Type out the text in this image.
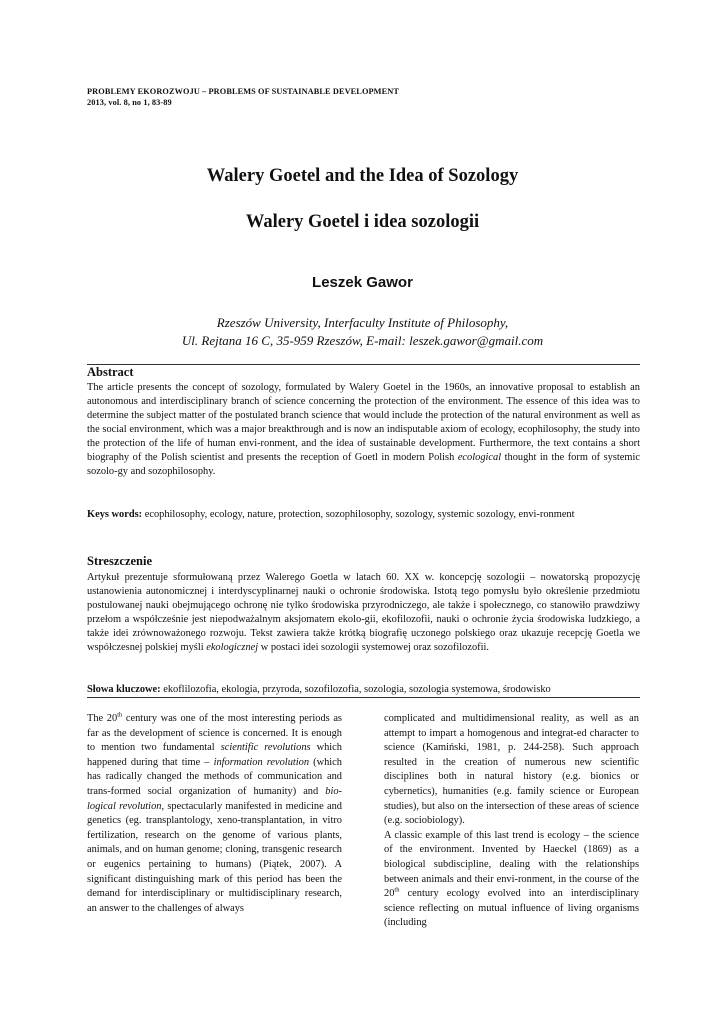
PROBLEMY EKOROZWOJU – PROBLEMS OF SUSTAINABLE DEVELOPMENT
2013, vol. 8, no 1, 83-89
Walery Goetel and the Idea of Sozology
Walery Goetel i idea sozologii
Leszek Gawor
Rzeszów University, Interfaculty Institute of Philosophy,
Ul. Rejtana 16 C, 35-959 Rzeszów, E-mail: leszek.gawor@gmail.com
Abstract

The article presents the concept of sozology, formulated by Walery Goetel in the 1960s, an innovative proposal to establish an autonomous and interdisciplinary branch of science concerning the protection of the environment. The essence of this idea was to determine the subject matter of the postulated branch science that would include the protection of the natural environment as well as the social environment, which was a major breakthrough and is now an indisputable axiom of ecology, ecophilosophy, the study into the protection of the life of human envi-ronment, and the idea of sustainable development. Furthermore, the text contains a short biography of the Polish scientist and presents the reception of Goetl in modern Polish ecological thought in the form of systemic sozolo-gy and sozophilosophy.

Keys words: ecophilosophy, ecology, nature, protection, sozophilosophy, sozology, systemic sozology, envi-ronment

Streszczenie

Artykuł prezentuje sformułowaną przez Walerego Goetla w latach 60. XX w. koncepcję sozologii – nowatorską propozycję ustanowienia autonomicznej i interdyscyplinarnej nauki o ochronie środowiska. Istotą tego pomysłu było określenie przedmiotu postulowanej nauki obejmującego ochronę nie tylko środowiska przyrodniczego, ale także i społecznego, co stanowiło prawdziwy przełom a współcześnie jest niepodważalnym aksjomatem ekolo-gii, ekofilozofii, nauki o ochronie życia środowiska ludzkiego, a także idei zrównoważonego rozwoju. Tekst zawiera także krótką biografię uczonego polskiego oraz ukazuje recepcję Goetla we współczesnej polskiej myśli ekologicznej w postaci idei sozologii systemowej oraz sozofilozofii.

Słowa kluczowe: ekoflilozofia, ekologia, przyroda, sozofilozofia, sozologia, sozologia systemowa, środowisko

The 20th century was one of the most interesting periods as far as the development of science is concerned. It is enough to mention two fundamental scientific revolutions which happened during that time – information revolution (which has radically changed the methods of communication and trans-formed social organization of humanity) and bio-logical revolution, spectacularly manifested in medicine and genetics (eg. transplantology, xeno-transplantation, in vitro fertilization, research on the genome of various plants, animals, and on human genome; cloning, transgenic research or eugenics pertaining to humans) (Piątek, 2007). A significant distinguishing mark of this period has been the demand for interdisciplinary or multidisciplinary research, an answer to the challenges of always

complicated and multidimensional reality, as well as an attempt to impart a homogenous and integrat-ed character to science (Kamiński, 1981, p. 244-258). Such approach resulted in the creation of numerous new scientific disciplines both in natural history (e.g. bionics or cybernetics), humanities (e.g. family science or European studies), but also on the intersection of these areas of science (e.g. sociobiology).

A classic example of this last trend is ecology – the science of the environment. Invented by Haeckel (1869) as a biological subdiscipline, dealing with the relationships between animals and their envi-ronment, in the course of the 20th century ecology evolved into an interdisciplinary science reflecting on mutual influence of living organisms (including
